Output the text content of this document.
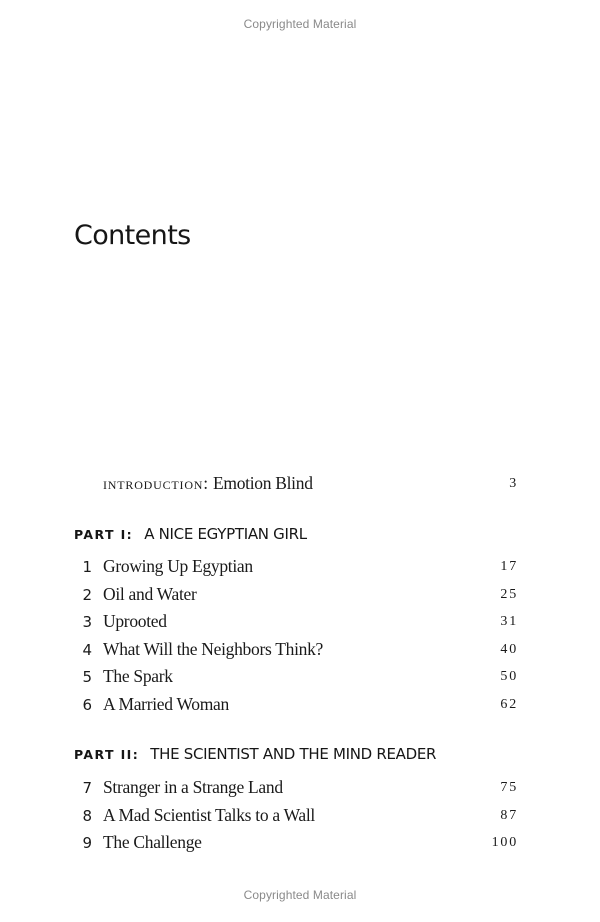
Copyrighted Material
Contents
introduction: Emotion Blind	3
PART I: A NICE EGYPTIAN GIRL
1 Growing Up Egyptian	17
2 Oil and Water	25
3 Uprooted	31
4 What Will the Neighbors Think?	40
5 The Spark	50
6 A Married Woman	62
PART II: THE SCIENTIST AND THE MIND READER
7 Stranger in a Strange Land	75
8 A Mad Scientist Talks to a Wall	87
9 The Challenge	100
Copyrighted Material
